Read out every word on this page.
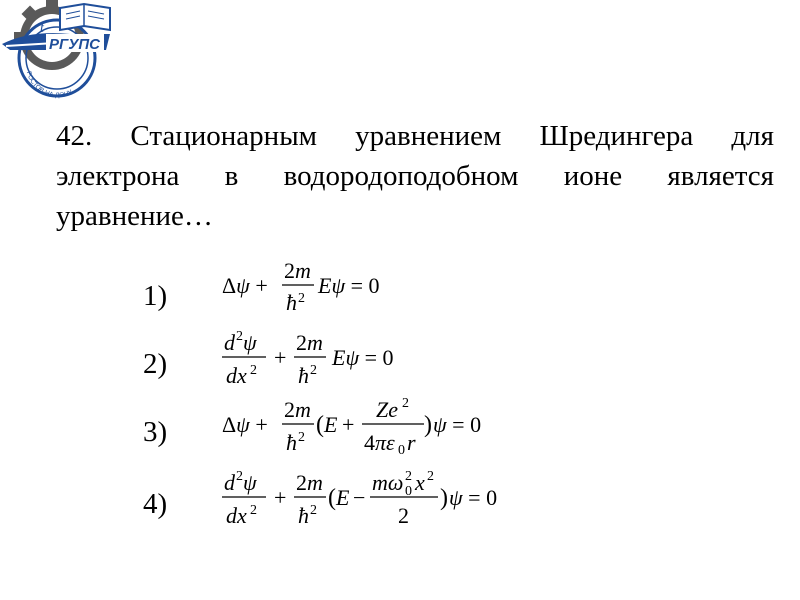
t
РГУПС
РОСТОВ-НА-ДОНУ
42. Стационарным уравнением Шредингера для электрона в водородоподобном ионе является уравнение…
1) Δψ +
2m
ħ 2
Eψ = 0
2)
d 2 ψ
dx 2
+
2m
ħ 2
Eψ = 0
3) Δψ +
2m
ħ 2 ( E +
Ze 2
4πε 0 r
) ψ = 0
4)
d 2 ψ
dx 2
+
2m
ħ 2 ( E −
mω 2
0 x 2
2
) ψ = 0
